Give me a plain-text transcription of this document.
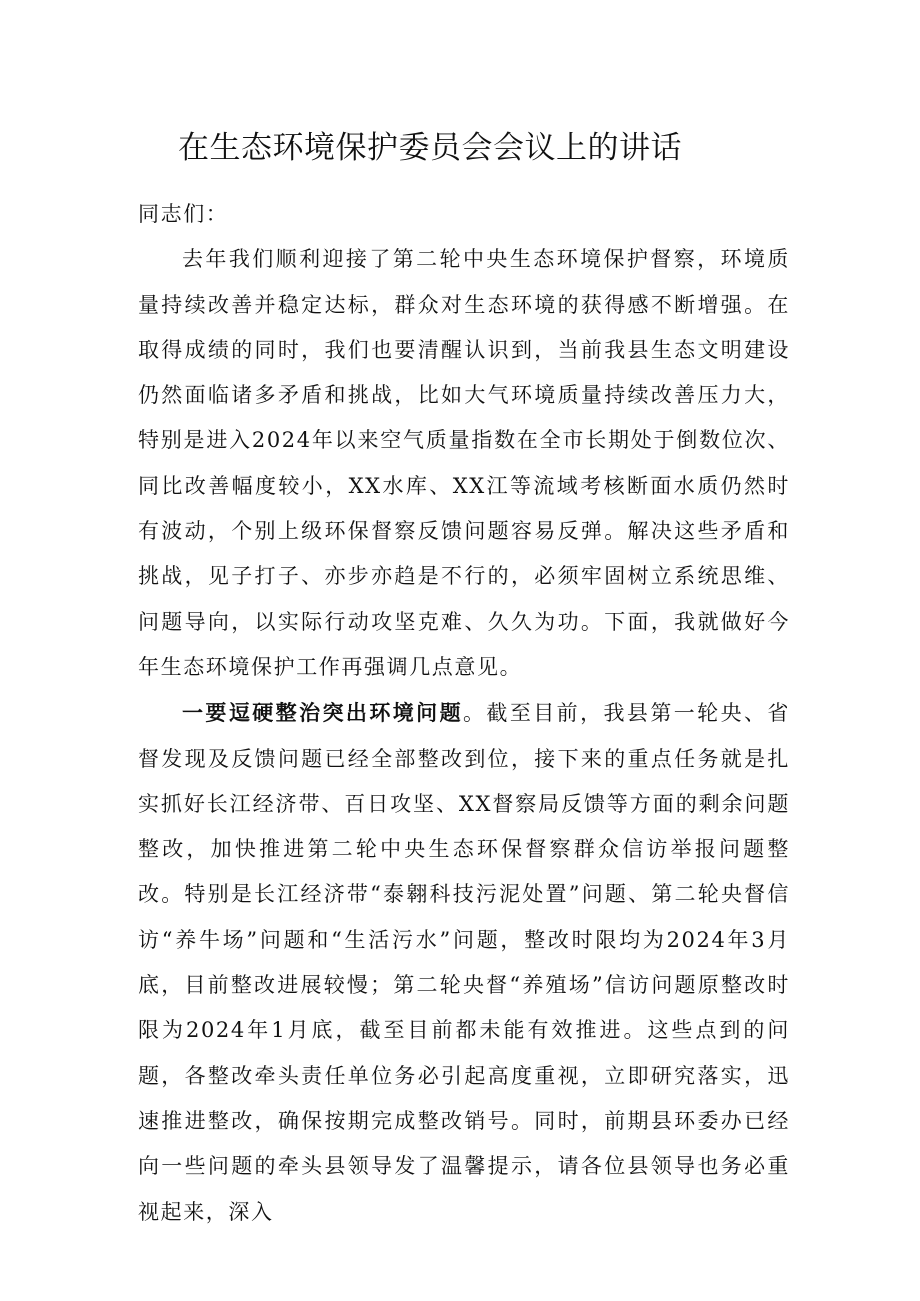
在生态环境保护委员会会议上的讲话

同志们：

去年我们顺利迎接了第二轮中央生态环境保护督察，环境质量持续改善并稳定达标，群众对生态环境的获得感不断增强。在取得成绩的同时，我们也要清醒认识到，当前我县生态文明建设仍然面临诸多矛盾和挑战，比如大气环境质量持续改善压力大，特别是进入2024年以来空气质量指数在全市长期处于倒数位次、同比改善幅度较小，XX水库、XX江等流域考核断面水质仍然时有波动，个别上级环保督察反馈问题容易反弹。解决这些矛盾和挑战，见子打子、亦步亦趋是不行的，必须牢固树立系统思维、问题导向，以实际行动攻坚克难、久久为功。下面，我就做好今年生态环境保护工作再强调几点意见。

一要逗硬整治突出环境问题。截至目前，我县第一轮央、省督发现及反馈问题已经全部整改到位，接下来的重点任务就是扎实抓好长江经济带、百日攻坚、XX督察局反馈等方面的剩余问题整改，加快推进第二轮中央生态环保督察群众信访举报问题整改。特别是长江经济带“泰翱科技污泥处置”问题、第二轮央督信访“养牛场”问题和“生活污水”问题，整改时限均为2024年3月底，目前整改进展较慢；第二轮央督“养殖场”信访问题原整改时限为2024年1月底，截至目前都未能有效推进。这些点到的问题，各整改牵头责任单位务必引起高度重视，立即研究落实，迅速推进整改，确保按期完成整改销号。同时，前期县环委办已经向一些问题的牵头县领导发了温馨提示，请各位县领导也务必重视起来，深入
